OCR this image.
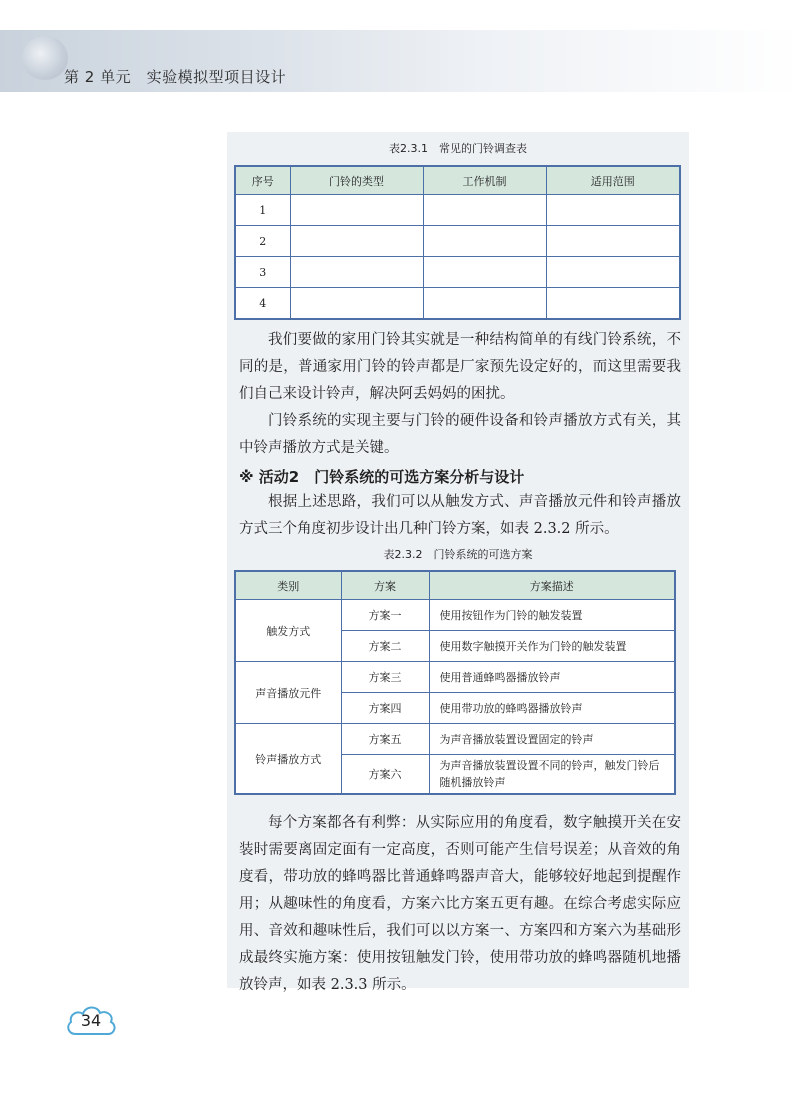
第 2 单元　实验模拟型项目设计
表2.3.1　常见的门铃调查表
序号	门铃的类型	工作机制	适用范围
1			
2			
3			
4			

我们要做的家用门铃其实就是一种结构简单的有线门铃系统，不同的是，普通家用门铃的铃声都是厂家预先设定好的，而这里需要我们自己来设计铃声，解决阿丢妈妈的困扰。

门铃系统的实现主要与门铃的硬件设备和铃声播放方式有关，其中铃声播放方式是关键。

※ 活动2　门铃系统的可选方案分析与设计

根据上述思路，我们可以从触发方式、声音播放元件和铃声播放方式三个角度初步设计出几种门铃方案，如表 2.3.2 所示。

表2.3.2　门铃系统的可选方案
类别	方案	方案描述
触发方式	方案一	使用按钮作为门铃的触发装置
	方案二	使用数字触摸开关作为门铃的触发装置
声音播放元件	方案三	使用普通蜂鸣器播放铃声
	方案四	使用带功放的蜂鸣器播放铃声
铃声播放方式	方案五	为声音播放装置设置固定的铃声
	方案六	为声音播放装置设置不同的铃声，触发门铃后随机播放铃声

每个方案都各有利弊：从实际应用的角度看，数字触摸开关在安装时需要离固定面有一定高度，否则可能产生信号误差；从音效的角度看，带功放的蜂鸣器比普通蜂鸣器声音大，能够较好地起到提醒作用；从趣味性的角度看，方案六比方案五更有趣。在综合考虑实际应用、音效和趣味性后，我们可以以方案一、方案四和方案六为基础形成最终实施方案：使用按钮触发门铃，使用带功放的蜂鸣器随机地播放铃声，如表 2.3.3 所示。

34
